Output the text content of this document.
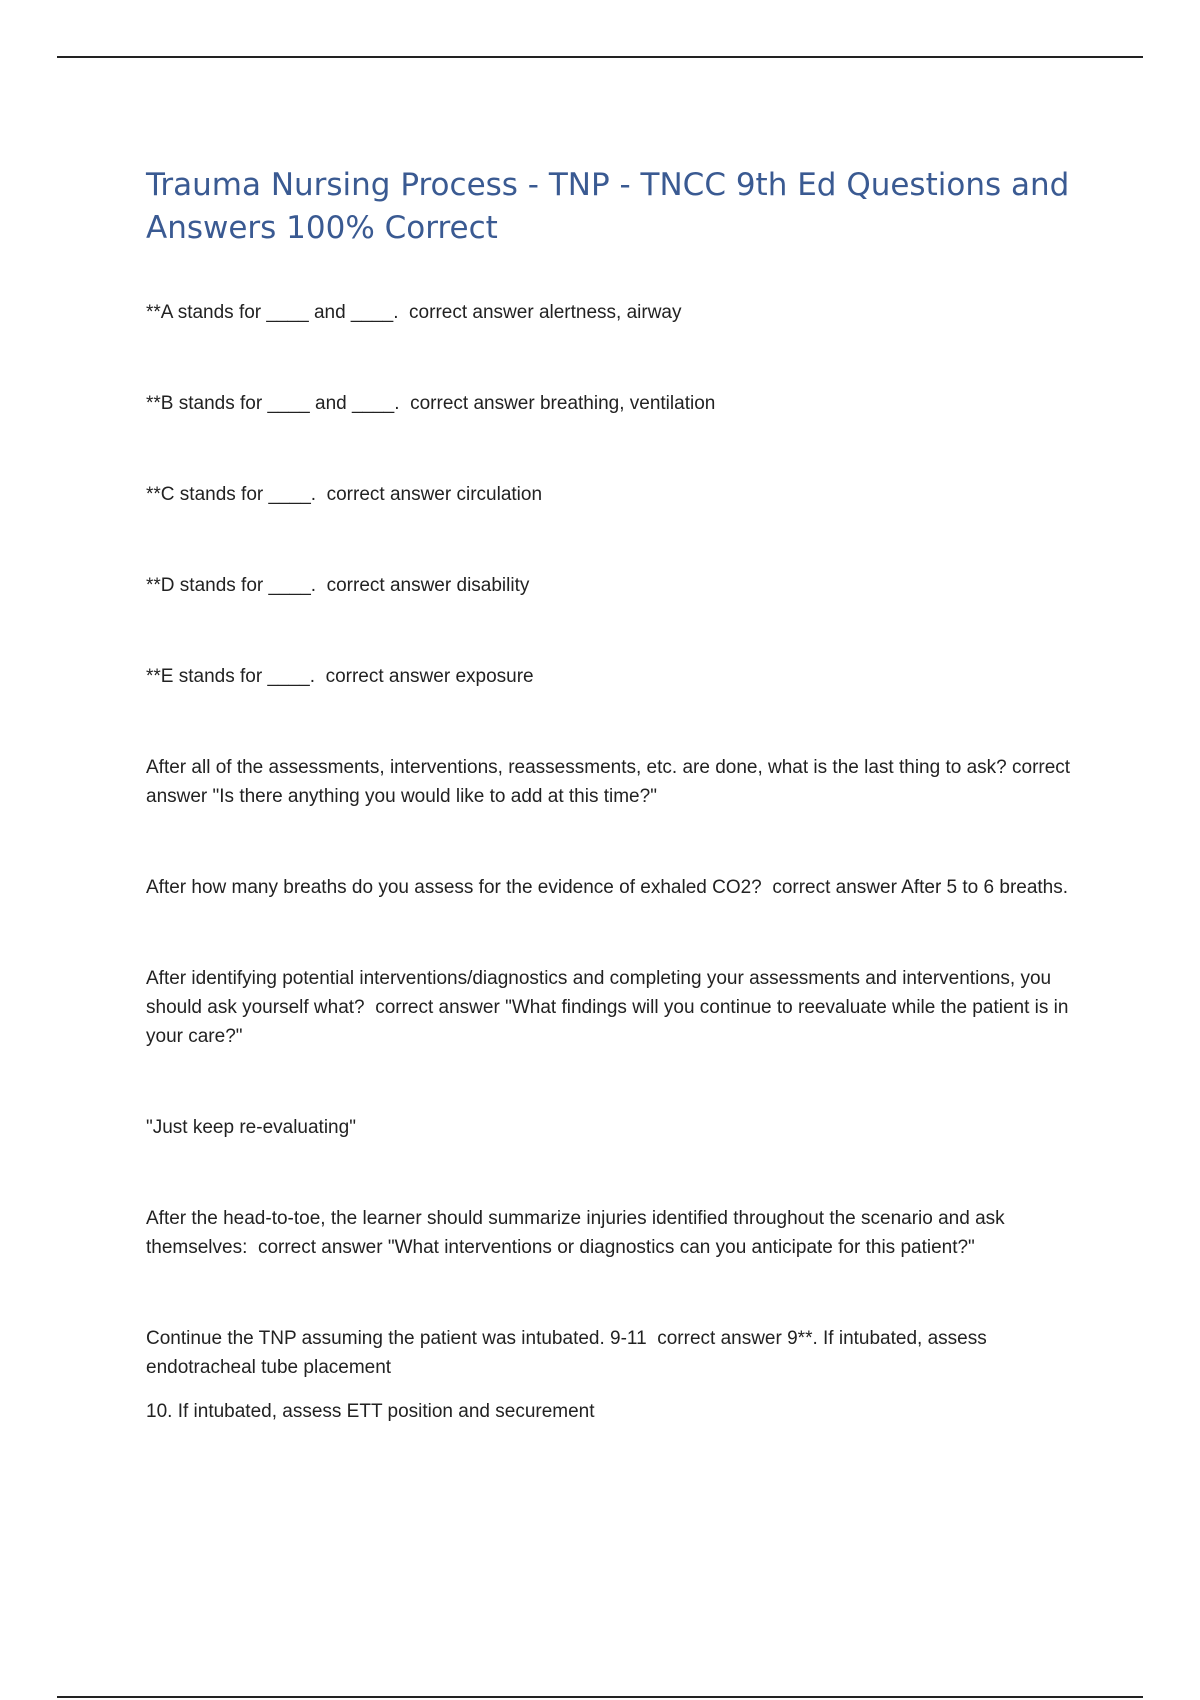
Trauma Nursing Process - TNP - TNCC 9th Ed Questions and Answers 100% Correct

**A stands for ____ and ____. correct answer alertness, airway

**B stands for ____ and ____. correct answer breathing, ventilation

**C stands for ____. correct answer circulation

**D stands for ____. correct answer disability

**E stands for ____. correct answer exposure

After all of the assessments, interventions, reassessments, etc. are done, what is the last thing to ask? correct answer "Is there anything you would like to add at this time?"

After how many breaths do you assess for the evidence of exhaled CO2? correct answer After 5 to 6 breaths.

After identifying potential interventions/diagnostics and completing your assessments and interventions, you should ask yourself what? correct answer "What findings will you continue to reevaluate while the patient is in your care?"

"Just keep re-evaluating"

After the head-to-toe, the learner should summarize injuries identified throughout the scenario and ask themselves: correct answer "What interventions or diagnostics can you anticipate for this patient?"

Continue the TNP assuming the patient was intubated. 9-11 correct answer 9**. If intubated, assess endotracheal tube placement

10. If intubated, assess ETT position and securement
